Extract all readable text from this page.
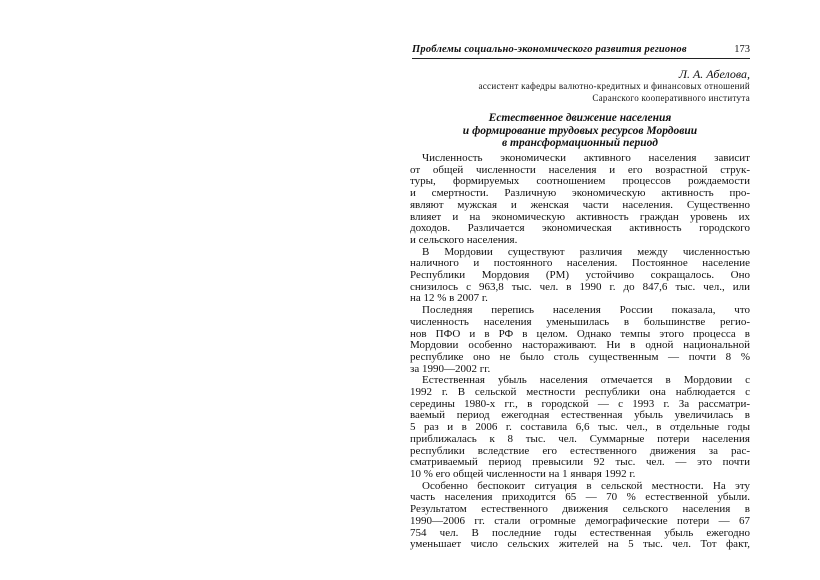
Проблемы социально-экономического развития регионов	173
Л. А. Абелова,
ассистент кафедры валютно-кредитных и финансовых отношений
Саранского кооперативного института
Естественное движение населения
и формирование трудовых ресурсов Мордовии
в трансформационный период
Численность экономически активного населения зависит
от общей численности населения и его возрастной струк-
туры, формируемых соотношением процессов рождаемости
и смертности. Различную экономическую активность про-
являют мужская и женская части населения. Существенно
влияет и на экономическую активность граждан уровень их
доходов. Различается экономическая активность городского
и сельского населения.
В Мордовии существуют различия между численностью
наличного и постоянного населения. Постоянное население
Республики Мордовия (РМ) устойчиво сокращалось. Оно
снизилось с 963,8 тыс. чел. в 1990 г. до 847,6 тыс. чел., или
на 12 % в 2007 г.
Последняя перепись населения России показала, что
численность населения уменьшилась в большинстве регио-
нов ПФО и в РФ в целом. Однако темпы этого процесса в
Мордовии особенно настораживают. Ни в одной национальной
республике оно не было столь существенным — почти 8 %
за 1990—2002 гг.
Естественная убыль населения отмечается в Мордовии с
1992 г. В сельской местности республики она наблюдается с
середины 1980-х гг., в городской — с 1993 г. За рассматри-
ваемый период ежегодная естественная убыль увеличилась в
5 раз и в 2006 г. составила 6,6 тыс. чел., в отдельные годы
приближалась к 8 тыс. чел. Суммарные потери населения
республики вследствие его естественного движения за рас-
сматриваемый период превысили 92 тыс. чел. — это почти
10 % его общей численности на 1 января 1992 г.
Особенно беспокоит ситуация в сельской местности. На эту
часть населения приходится 65 — 70 % естественной убыли.
Результатом естественного движения сельского населения в
1990—2006 гг. стали огромные демографические потери — 67
754 чел. В последние годы естественная убыль ежегодно
уменьшает число сельских жителей на 5 тыс. чел. Тот факт,
